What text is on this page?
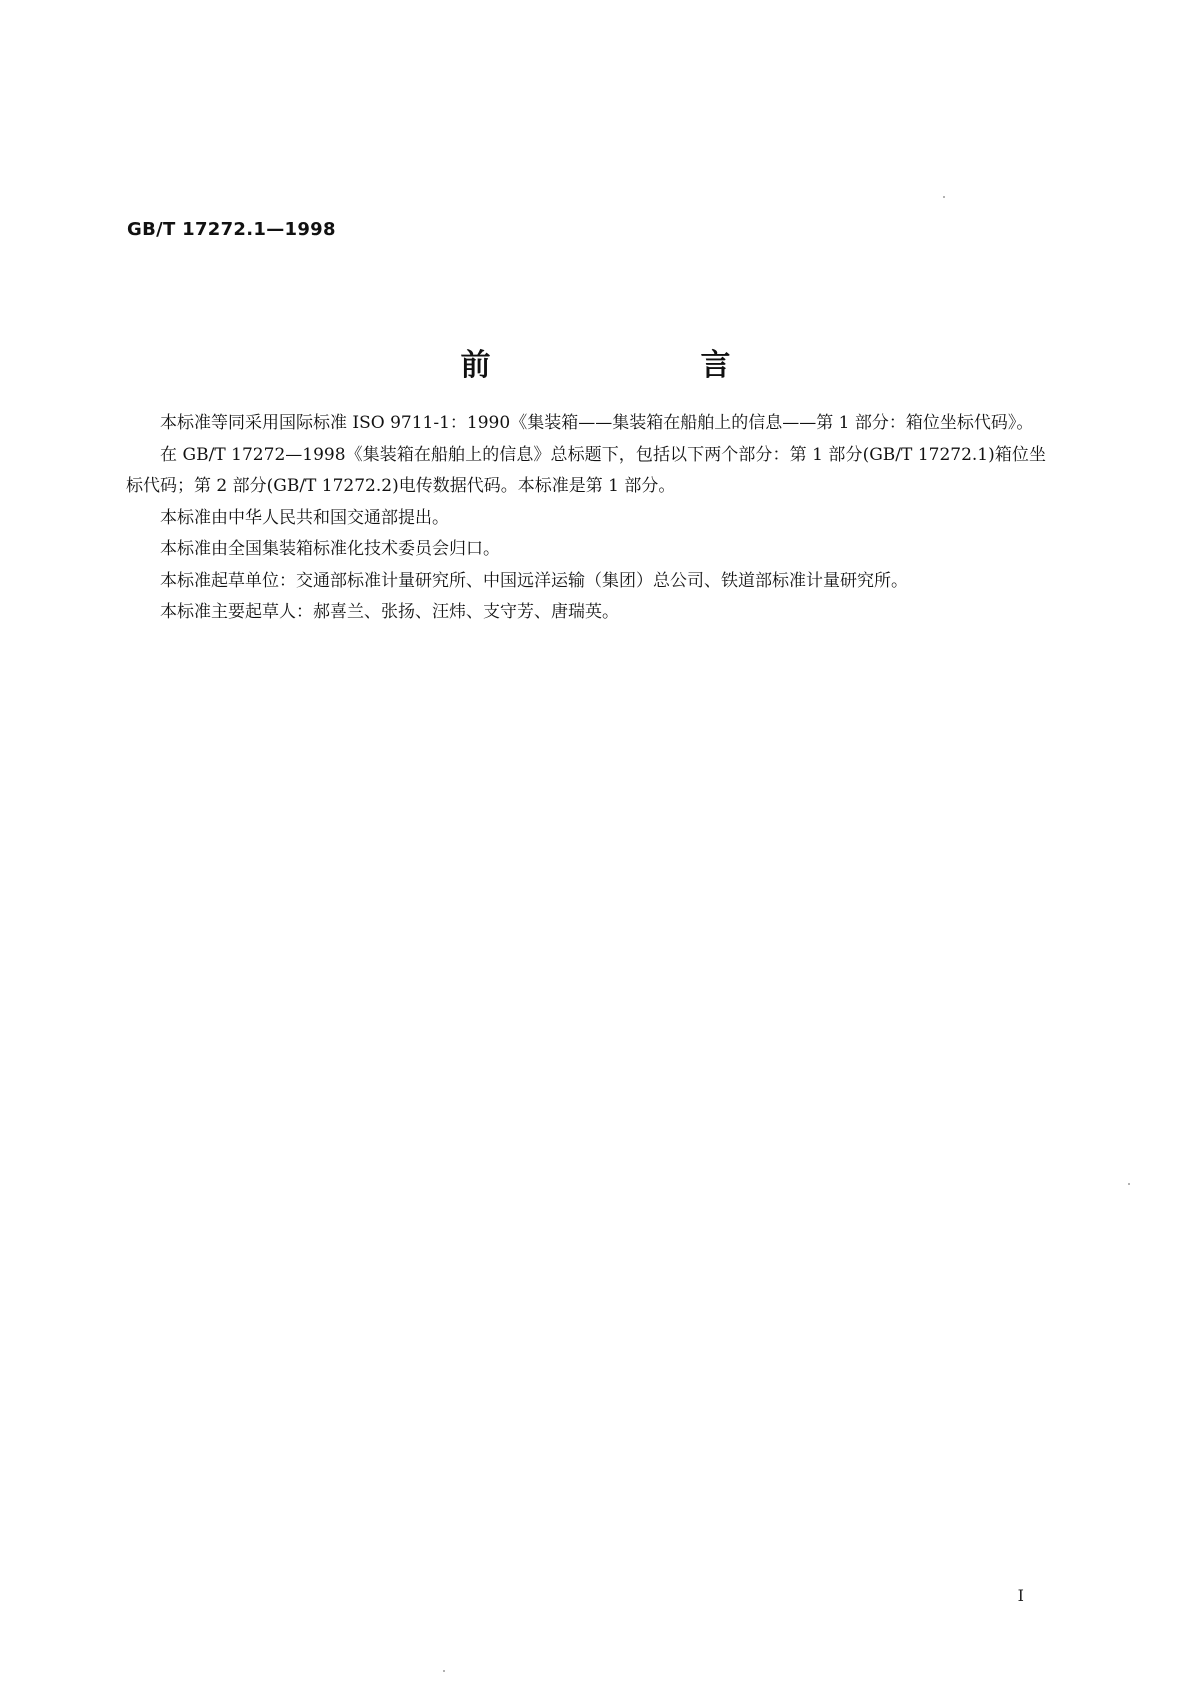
GB/T 17272.1—1998
前　言

本标准等同采用国际标准 ISO 9711-1：1990《集装箱——集装箱在船舶上的信息——第 1 部分：箱位坐标代码》。

在 GB/T 17272—1998《集装箱在船舶上的信息》总标题下，包括以下两个部分：第 1 部分(GB/T 17272.1)箱位坐标代码；第 2 部分(GB/T 17272.2)电传数据代码。本标准是第 1 部分。

本标准由中华人民共和国交通部提出。

本标准由全国集装箱标准化技术委员会归口。

本标准起草单位：交通部标准计量研究所、中国远洋运输（集团）总公司、铁道部标准计量研究所。

本标准主要起草人：郝喜兰、张扬、汪炜、支守芳、唐瑞英。

I
